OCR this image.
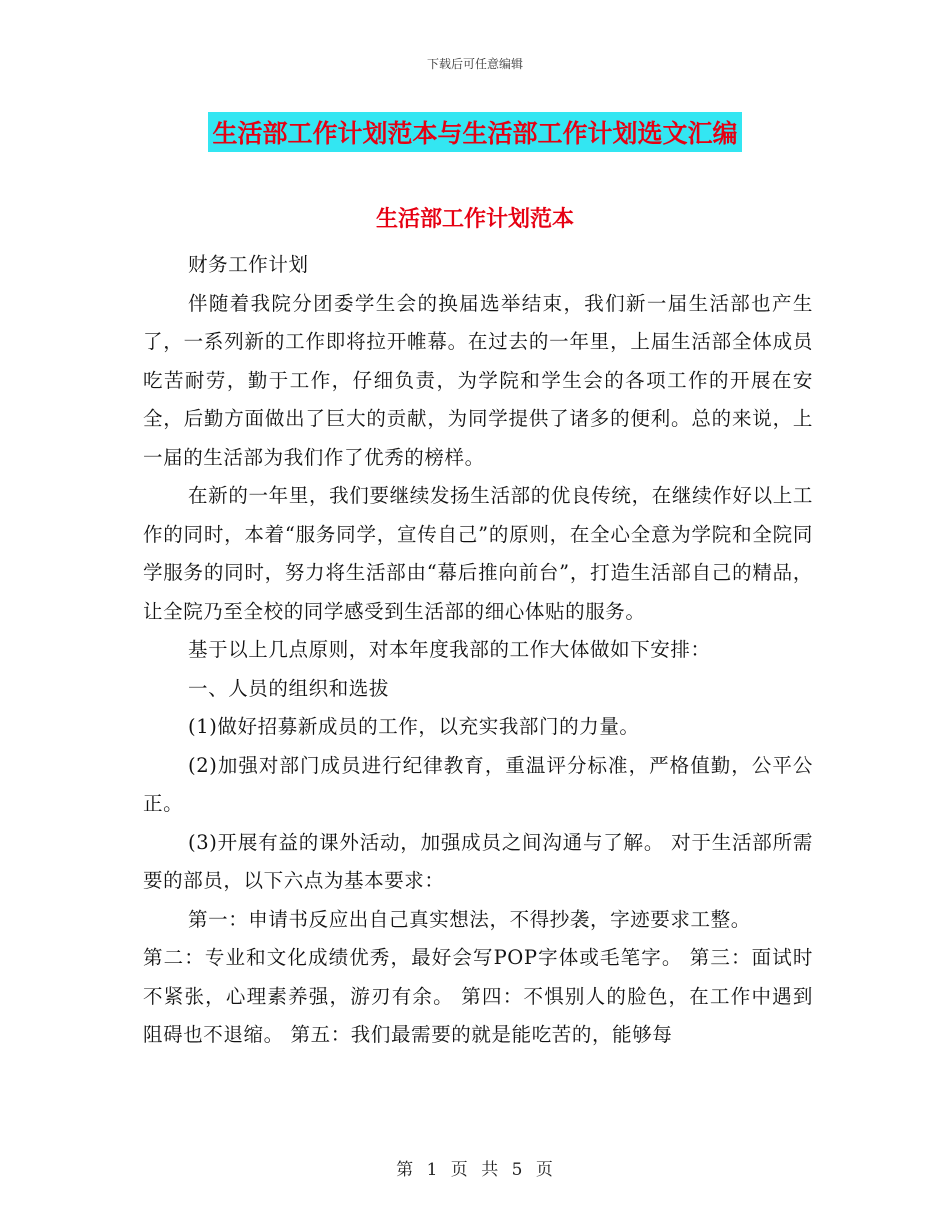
下载后可任意编辑
生活部工作计划范本与生活部工作计划选文汇编
生活部工作计划范本

财务工作计划

伴随着我院分团委学生会的换届选举结束，我们新一届生活部也产生了，一系列新的工作即将拉开帷幕。在过去的一年里，上届生活部全体成员吃苦耐劳，勤于工作，仔细负责，为学院和学生会的各项工作的开展在安全，后勤方面做出了巨大的贡献，为同学提供了诸多的便利。总的来说，上一届的生活部为我们作了优秀的榜样。

在新的一年里，我们要继续发扬生活部的优良传统，在继续作好以上工作的同时，本着“服务同学，宣传自己”的原则，在全心全意为学院和全院同学服务的同时，努力将生活部由“幕后推向前台”，打造生活部自己的精品，让全院乃至全校的同学感受到生活部的细心体贴的服务。

基于以上几点原则，对本年度我部的工作大体做如下安排：

一、人员的组织和选拔

(1)做好招募新成员的工作，以充实我部门的力量。

(2)加强对部门成员进行纪律教育，重温评分标准，严格值勤，公平公正。

(3)开展有益的课外活动，加强成员之间沟通与了解。 对于生活部所需要的部员，以下六点为基本要求：

第一：申请书反应出自己真实想法，不得抄袭，字迹要求工整。

第二：专业和文化成绩优秀，最好会写POP字体或毛笔字。 第三：面试时不紧张，心理素养强，游刃有余。 第四：不惧别人的脸色，在工作中遇到阻碍也不退缩。 第五：我们最需要的就是能吃苦的，能够每

第 1 页 共 5 页
